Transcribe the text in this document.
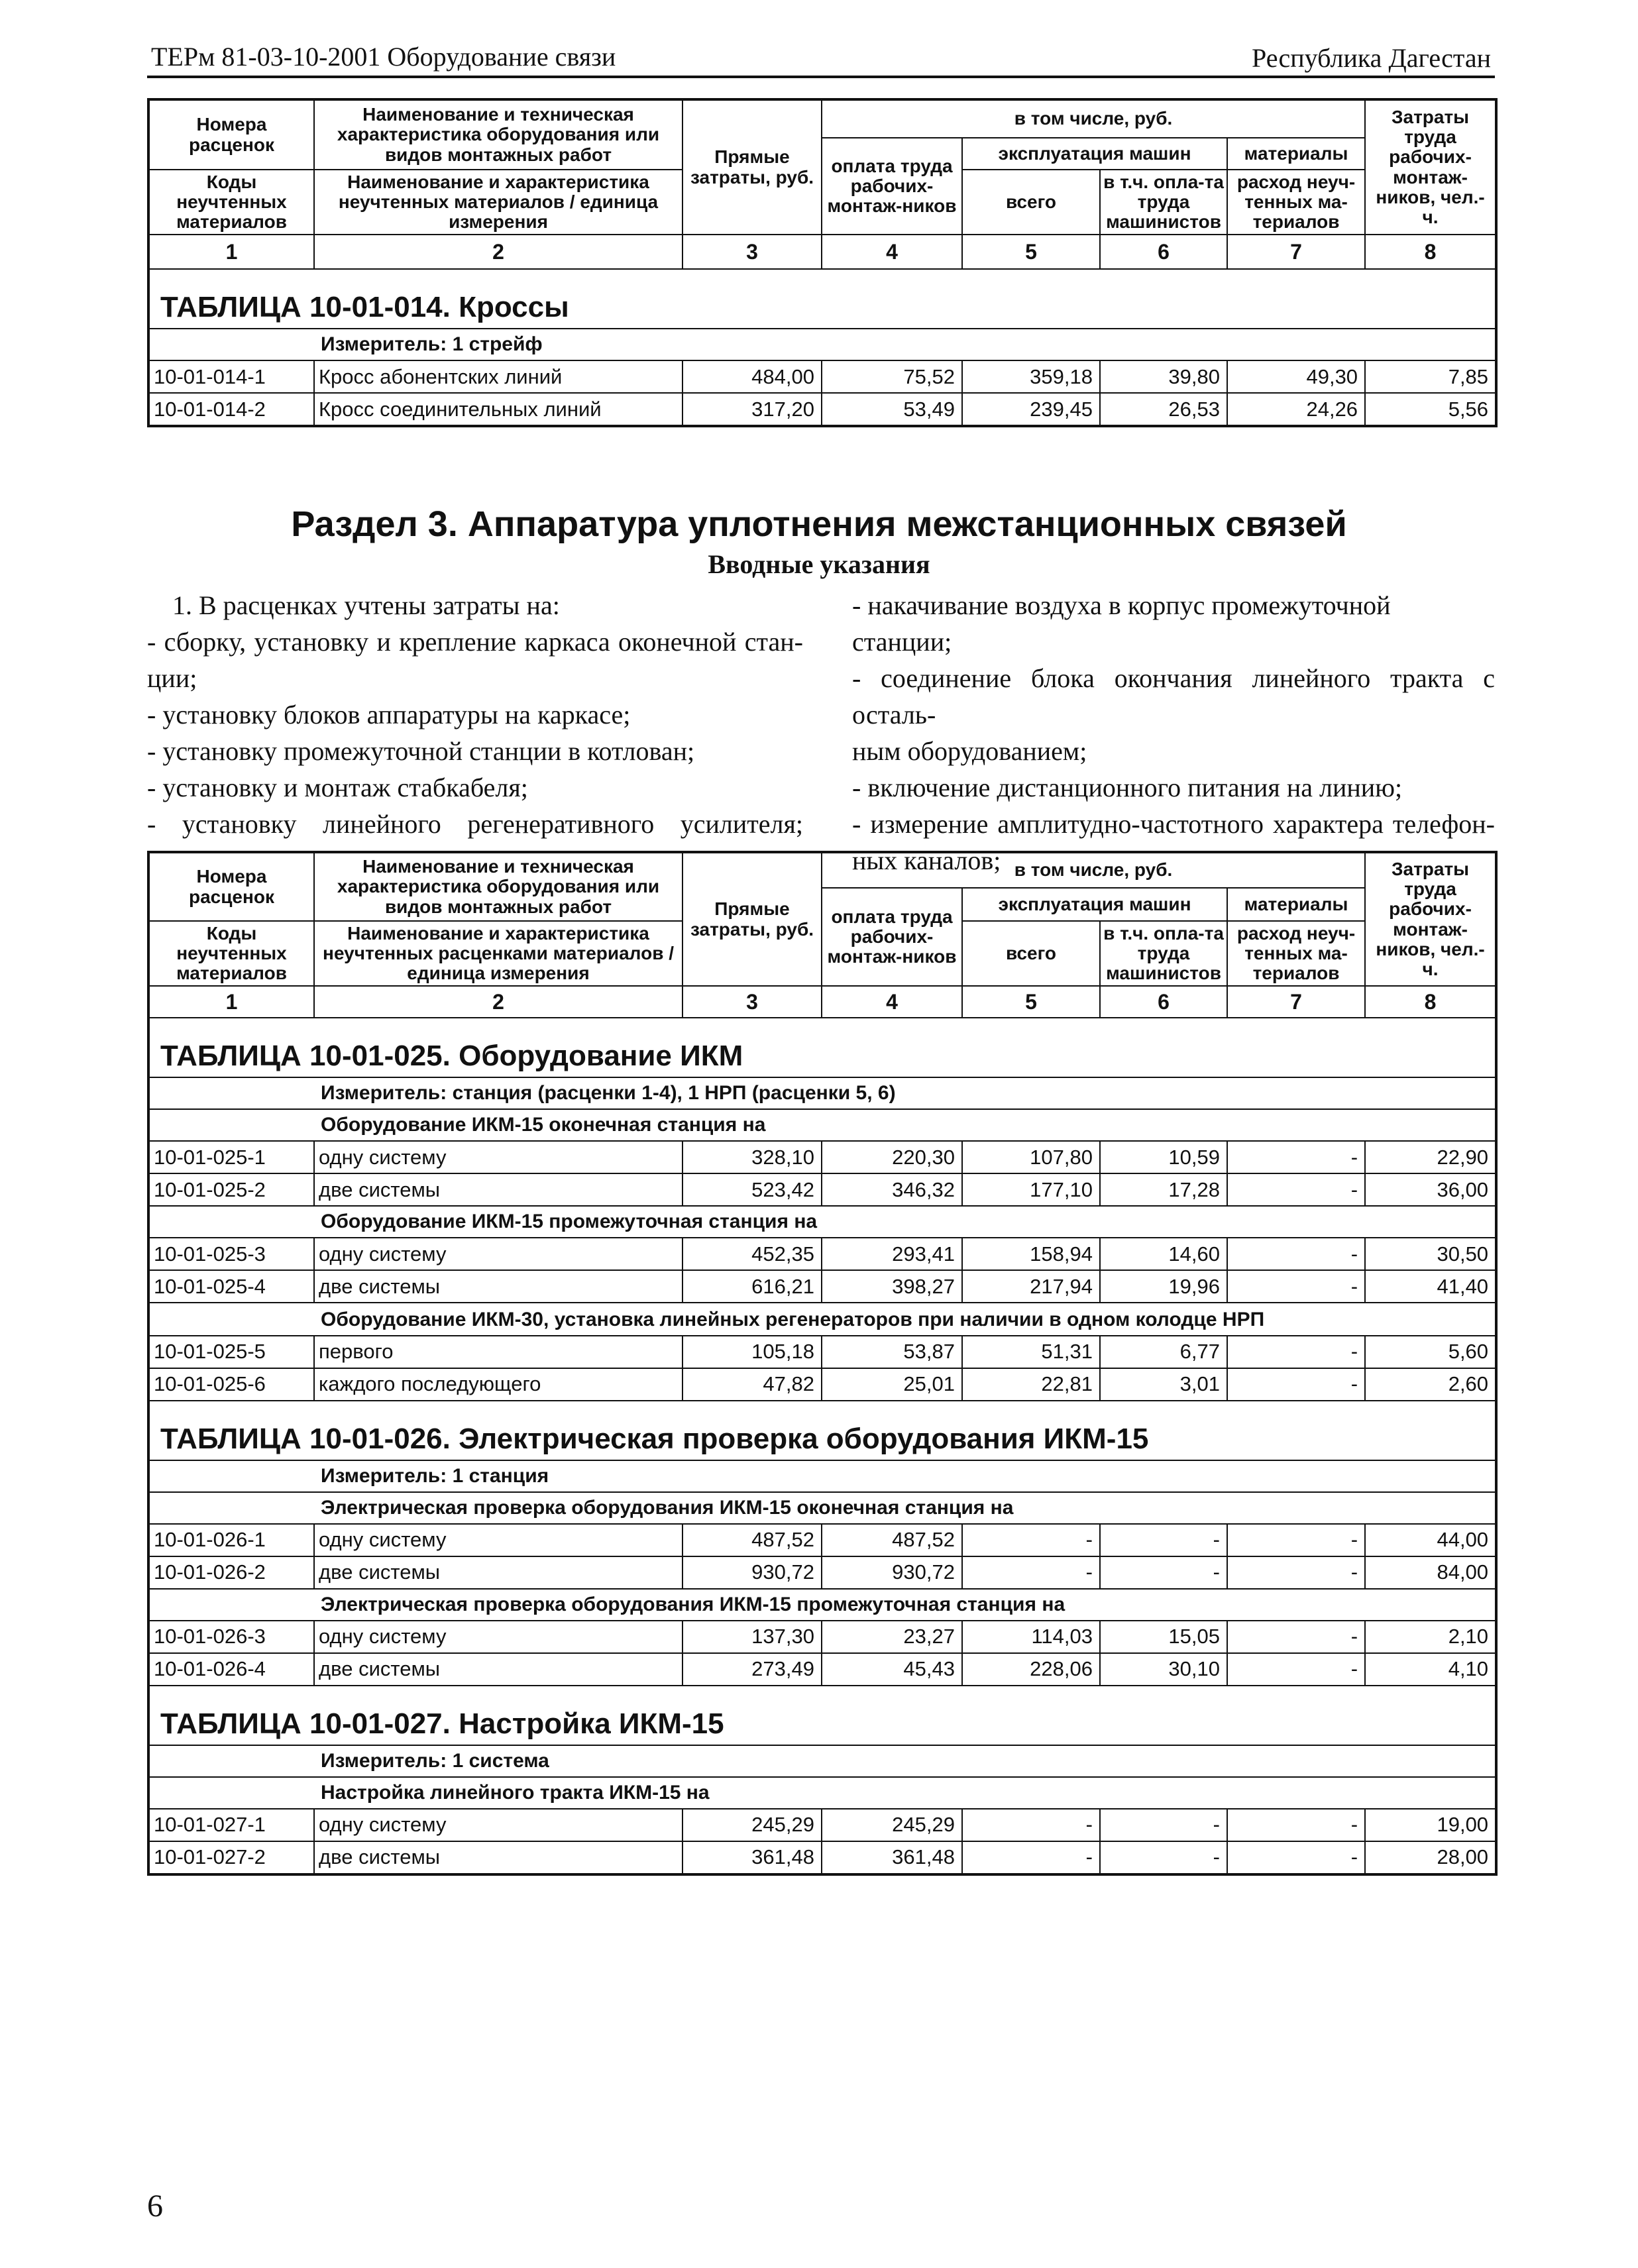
ТЕРм 81-03-10-2001 Оборудование связи	Республика Дагестан
Номера расценок	Наименование и техническая характеристика оборудования или видов монтажных работ	Прямые затраты, руб.	в том числе, руб.				Затраты труда рабочих-монтаж-ников, чел.-ч.
			оплата труда рабочих-монтаж-ников	эксплуатация машин		материалы	
Коды неучтенных материалов	Наименование и характеристика неучтенных материалов / единица измерения			всего	в т.ч. опла-та труда машинистов	расход неуч-тенных ма-териалов	

1	2	3	4	5	6	7	8
ТАБЛИЦА 10-01-014. Кроссы							
Измеритель: 1 стрейф							
10-01-014-1	Кросс абонентских линий	484,00	75,52	359,18	39,80	49,30	7,85
10-01-014-2	Кросс соединительных линий	317,20	53,49	239,45	26,53	24,26	5,56
Раздел 3. Аппаратура уплотнения межстанционных связей
Вводные указания

1. В расценках учтены затраты на:

- сборку, установку и крепление каркаса оконечной стан-

ции;

- установку блоков аппаратуры на каркасе;

- установку промежуточной станции в котлован;

- установку и монтаж стабкабеля;

- установку линейного регенеративного усилителя;

- накачивание воздуха в корпус промежуточной станции;

- соединение блока окончания линейного тракта с осталь-

ным оборудованием;

- включение дистанционного питания на линию;

- измерение амплитудно-частотного характера телефон-

ных каналов;

Номера расценок	Наименование и техническая характеристика оборудования или видов монтажных работ	Прямые затраты, руб.	в том числе, руб.				Затраты труда рабочих-монтаж-ников, чел.-ч.
			оплата труда рабочих-монтаж-ников	эксплуатация машин		материалы	
Коды неучтенных материалов	Наименование и характеристика неучтенных расценками материалов / единица измерения			всего	в т.ч. опла-та труда машинистов	расход неуч-тенных ма-териалов	

1	2	3	4	5	6	7	8
ТАБЛИЦА 10-01-025. Оборудование ИКМ							
Измеритель: станция (расценки 1-4), 1 НРП (расценки 5, 6)							
Оборудование ИКМ-15 оконечная станция на							
10-01-025-1	одну систему	328,10	220,30	107,80	10,59	-	22,90
10-01-025-2	две системы	523,42	346,32	177,10	17,28	-	36,00
Оборудование ИКМ-15 промежуточная станция на							
10-01-025-3	одну систему	452,35	293,41	158,94	14,60	-	30,50
10-01-025-4	две системы	616,21	398,27	217,94	19,96	-	41,40
Оборудование ИКМ-30, установка линейных регенераторов при наличии в одном колодце НРП							
10-01-025-5	первого	105,18	53,87	51,31	6,77	-	5,60
10-01-025-6	каждого последующего	47,82	25,01	22,81	3,01	-	2,60
ТАБЛИЦА 10-01-026. Электрическая проверка оборудования ИКМ-15							
Измеритель: 1 станция							
Электрическая проверка оборудования ИКМ-15 оконечная станция на							
10-01-026-1	одну систему	487,52	487,52	-	-	-	44,00
10-01-026-2	две системы	930,72	930,72	-	-	-	84,00
Электрическая проверка оборудования ИКМ-15 промежуточная станция на							
10-01-026-3	одну систему	137,30	23,27	114,03	15,05	-	2,10
10-01-026-4	две системы	273,49	45,43	228,06	30,10	-	4,10
ТАБЛИЦА 10-01-027. Настройка ИКМ-15							
Измеритель: 1 система							
Настройка линейного тракта ИКМ-15 на							
10-01-027-1	одну систему	245,29	245,29	-	-	-	19,00
10-01-027-2	две системы	361,48	361,48	-	-	-	28,00
6
